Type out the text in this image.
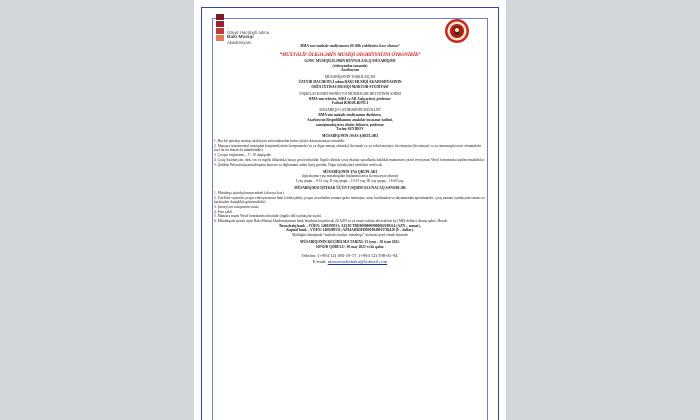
Üzeyir Hacıbəyli adına
Bakı Musiqi
Akademiyası
BMA-nın məktəb-studiyasının 40 illik yubileyinə həsr olunur!
“MÜXTƏLİF ÖLKƏLƏRİN MUSİQİ ƏDƏBİYYATINI ÖYRƏNİRİK”
GƏNC MUSİQİÇİLƏRİN BEYNƏLXALQ MÜSABİQƏSİ
(videoyazılar əsasında)
Azərbaycan
MÜSABİQƏNİN TƏŞKİLATÇISI
ÜZEYİR HACIBƏYLİ adına BAKI MUSİQİ AKADEMİYASININ
ORTA İXTİSAS MUSİQİ MƏKTƏB-STUDİYASI
TƏŞKİLAT KOMİTƏSİNİN VƏ MÜNSİFLƏR HEYƏTİNİN SƏDRİ
BMA-nın rektoru, SSRİ və AR Xalq artisti, professor
Fərhad BƏDƏLBƏYLİ
MÜSABİQƏ LAYİHƏSİNİN MÜƏLLİFİ
BMA-nın məktəb-studiyasının direktoru,
Azərbaycan Respublikasının əməkdar incəsənət xadimi,
sənətşünaslıq üzrə elmlər doktoru, professor
Tərlan SEYİDOV
MÜSABİQƏNİN ƏSAS ŞƏRTLƏRİ
1. Hər bir iştirakçı musiqi ədəbiyyatı mövzularından birinə yiləlu olaraq mənzərə etməlidir.
2. Mənzərə instrumental musiqinin fraqmentlərinin fortepianoda (və ya digər musiqi alətində) ifa etmək və ya vokal musiqisi ifa etməyini (ifa etməsi) və ya onunmuşla təsvir olunmalıdır (not ilə ifa etmək də mümkündür).
3. Çıxışın reqlamenti – 5 - 10 dəqiqədir.
4. Çıxış Azərbaycan, türk, rus və ingilis dillərində (istəyə görə) olmalıdır. İngilis dilində çıxış edənlər sənədlərdə haklıkla məmurinin yazılı versiyasını Word formatında təqdim etməlidirlər.
5. Qaliblər Beynəlxalq müsabiqənin laureatı və diplomantı adına layiq görülür. Digər iştirakçılara sertifikat verilocək.
MÜSABİQƏNİN YAŞ QRUPLARI
(iştirakçının yaşı müsabiqənin başlanma tarixi ilə müəyyən olunur)
I yaş qrupu – 9-12 yaş; II yaş qrupu – 13-15 yaş; III yaş qrupu – 16-20 yaş.
MÜSABİQƏDƏ İŞTİRAK ÜÇÜN TƏQDİM OLUNACAQ SƏNƏDLƏR
1. Müsabiqə iştirakçılarının anketi (əlavəyə bax).
2. YouTube saytında çıxışın videoyazısının linki (videoçəkiliş çıxışın əvvəlindən sonuna qədər montajsız, arası kəsilmədən və dayanmadan aparılmalıdır; çıxış zamanı iştirakçının siması və hərəkətləri dəqiqliklə görünməlidir).
3. Şəxsiyyəti vəsiqəsinin surəti.
4. Foto şəkil.
5. Mənzərə mətni Word formatında olmalıdır (ingilis dili iştirakçılar üçün).
6. Müsabiqədə iştirak üçün Bakı Musiqi Akademiyasının bank hesabına keçirilocək 20 AZN və ya onun valyuta ekvivalenti ilə (ABŞ dolları) ödəniş qəbzi. Hesab:
Beynəlxalq bank – VÖEN: 1400299531; AZ10CTRE00000000000002108214 (AZN – manat),
Kapital bank – VÖEN: 1400299531; AZ94AIIB38190010840013782410 ($ – dollar).
Məbləğin ödənişində “məktəb-studiya, müsabiqə” sözlərini qeyd etmək lazımdır
MÜSABİQƏNİN KEÇİRİLMƏ TARİXİ: 15 iyun – 30 iyun 2021.
SƏNƏD QƏBULU: 30 may 2021-ci ilə qədər.
Telefon: (+994 12) 493-19-17, (+994 12) 598-01-94.
E-mail: musuestudiobaku@hotmail.com
